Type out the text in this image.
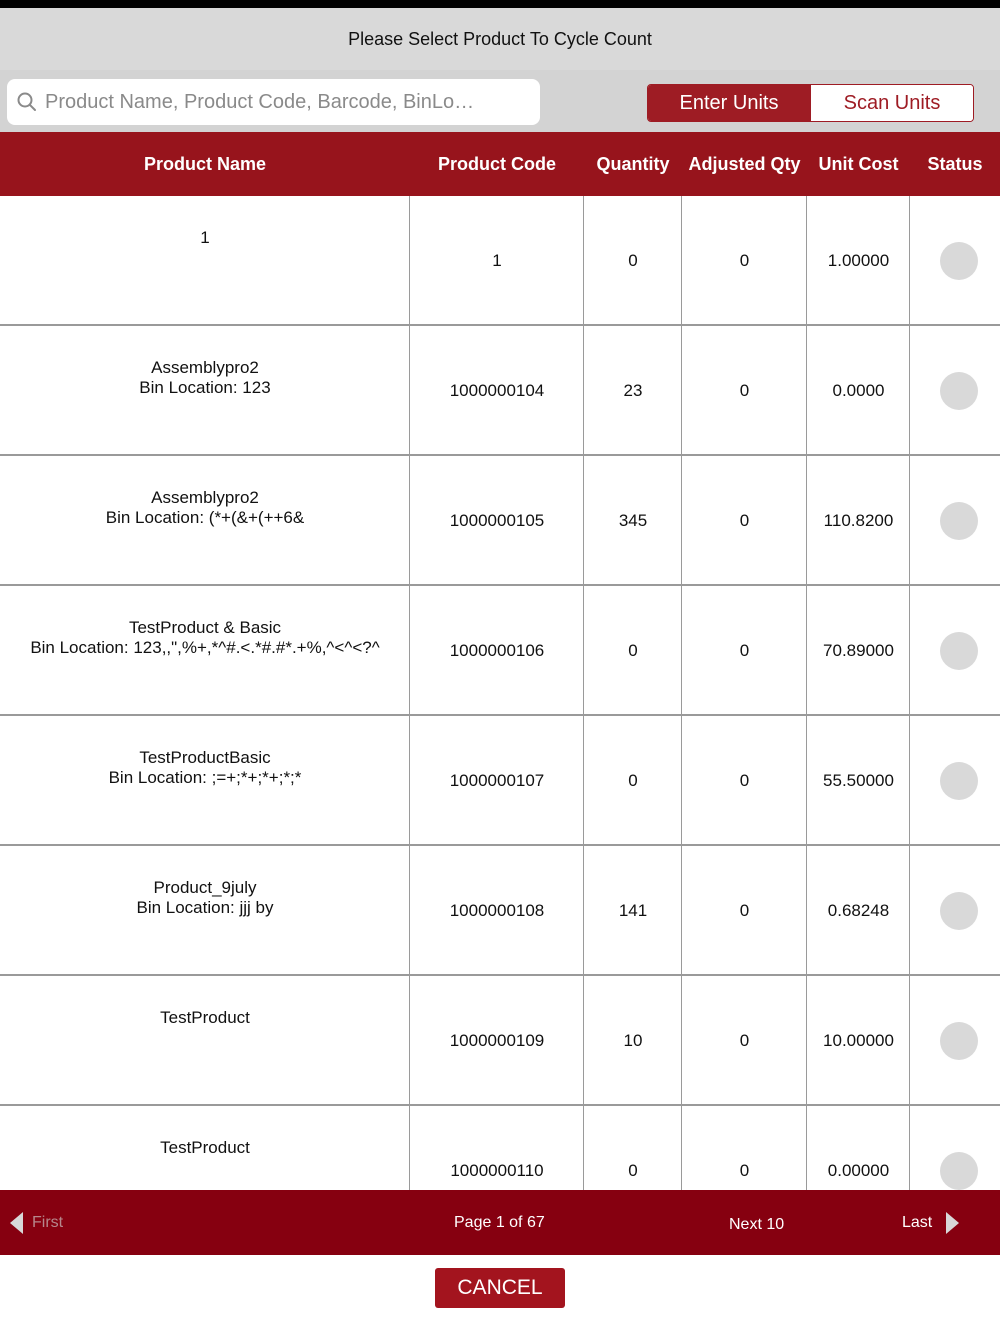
Please Select Product To Cycle Count
Product Name, Product Code, Barcode, BinLo…
Enter Units	Scan Units
Product Name	Product Code	Quantity	Adjusted Qty	Unit Cost	Status
1
1	0	0	1.00000
Assemblypro2
Bin Location: 123	1000000104	23	0	0.0000
Assemblypro2
Bin Location: (*+(&+(++6&	1000000105	345	0	110.8200
TestProduct & Basic
Bin Location: 123,,",%+,*^#.<.*#.#*.+%,^<^<?^	1000000106	0	0	70.89000
TestProductBasic
Bin Location: ;=+;*+;*+;*;*	1000000107	0	0	55.50000
Product_9july
Bin Location: jjj by	1000000108	141	0	0.68248
TestProduct
1000000109	10	0	10.00000
TestProduct
1000000110	0	0	0.00000
First	Page 1 of 67	Next 10	Last
CANCEL
